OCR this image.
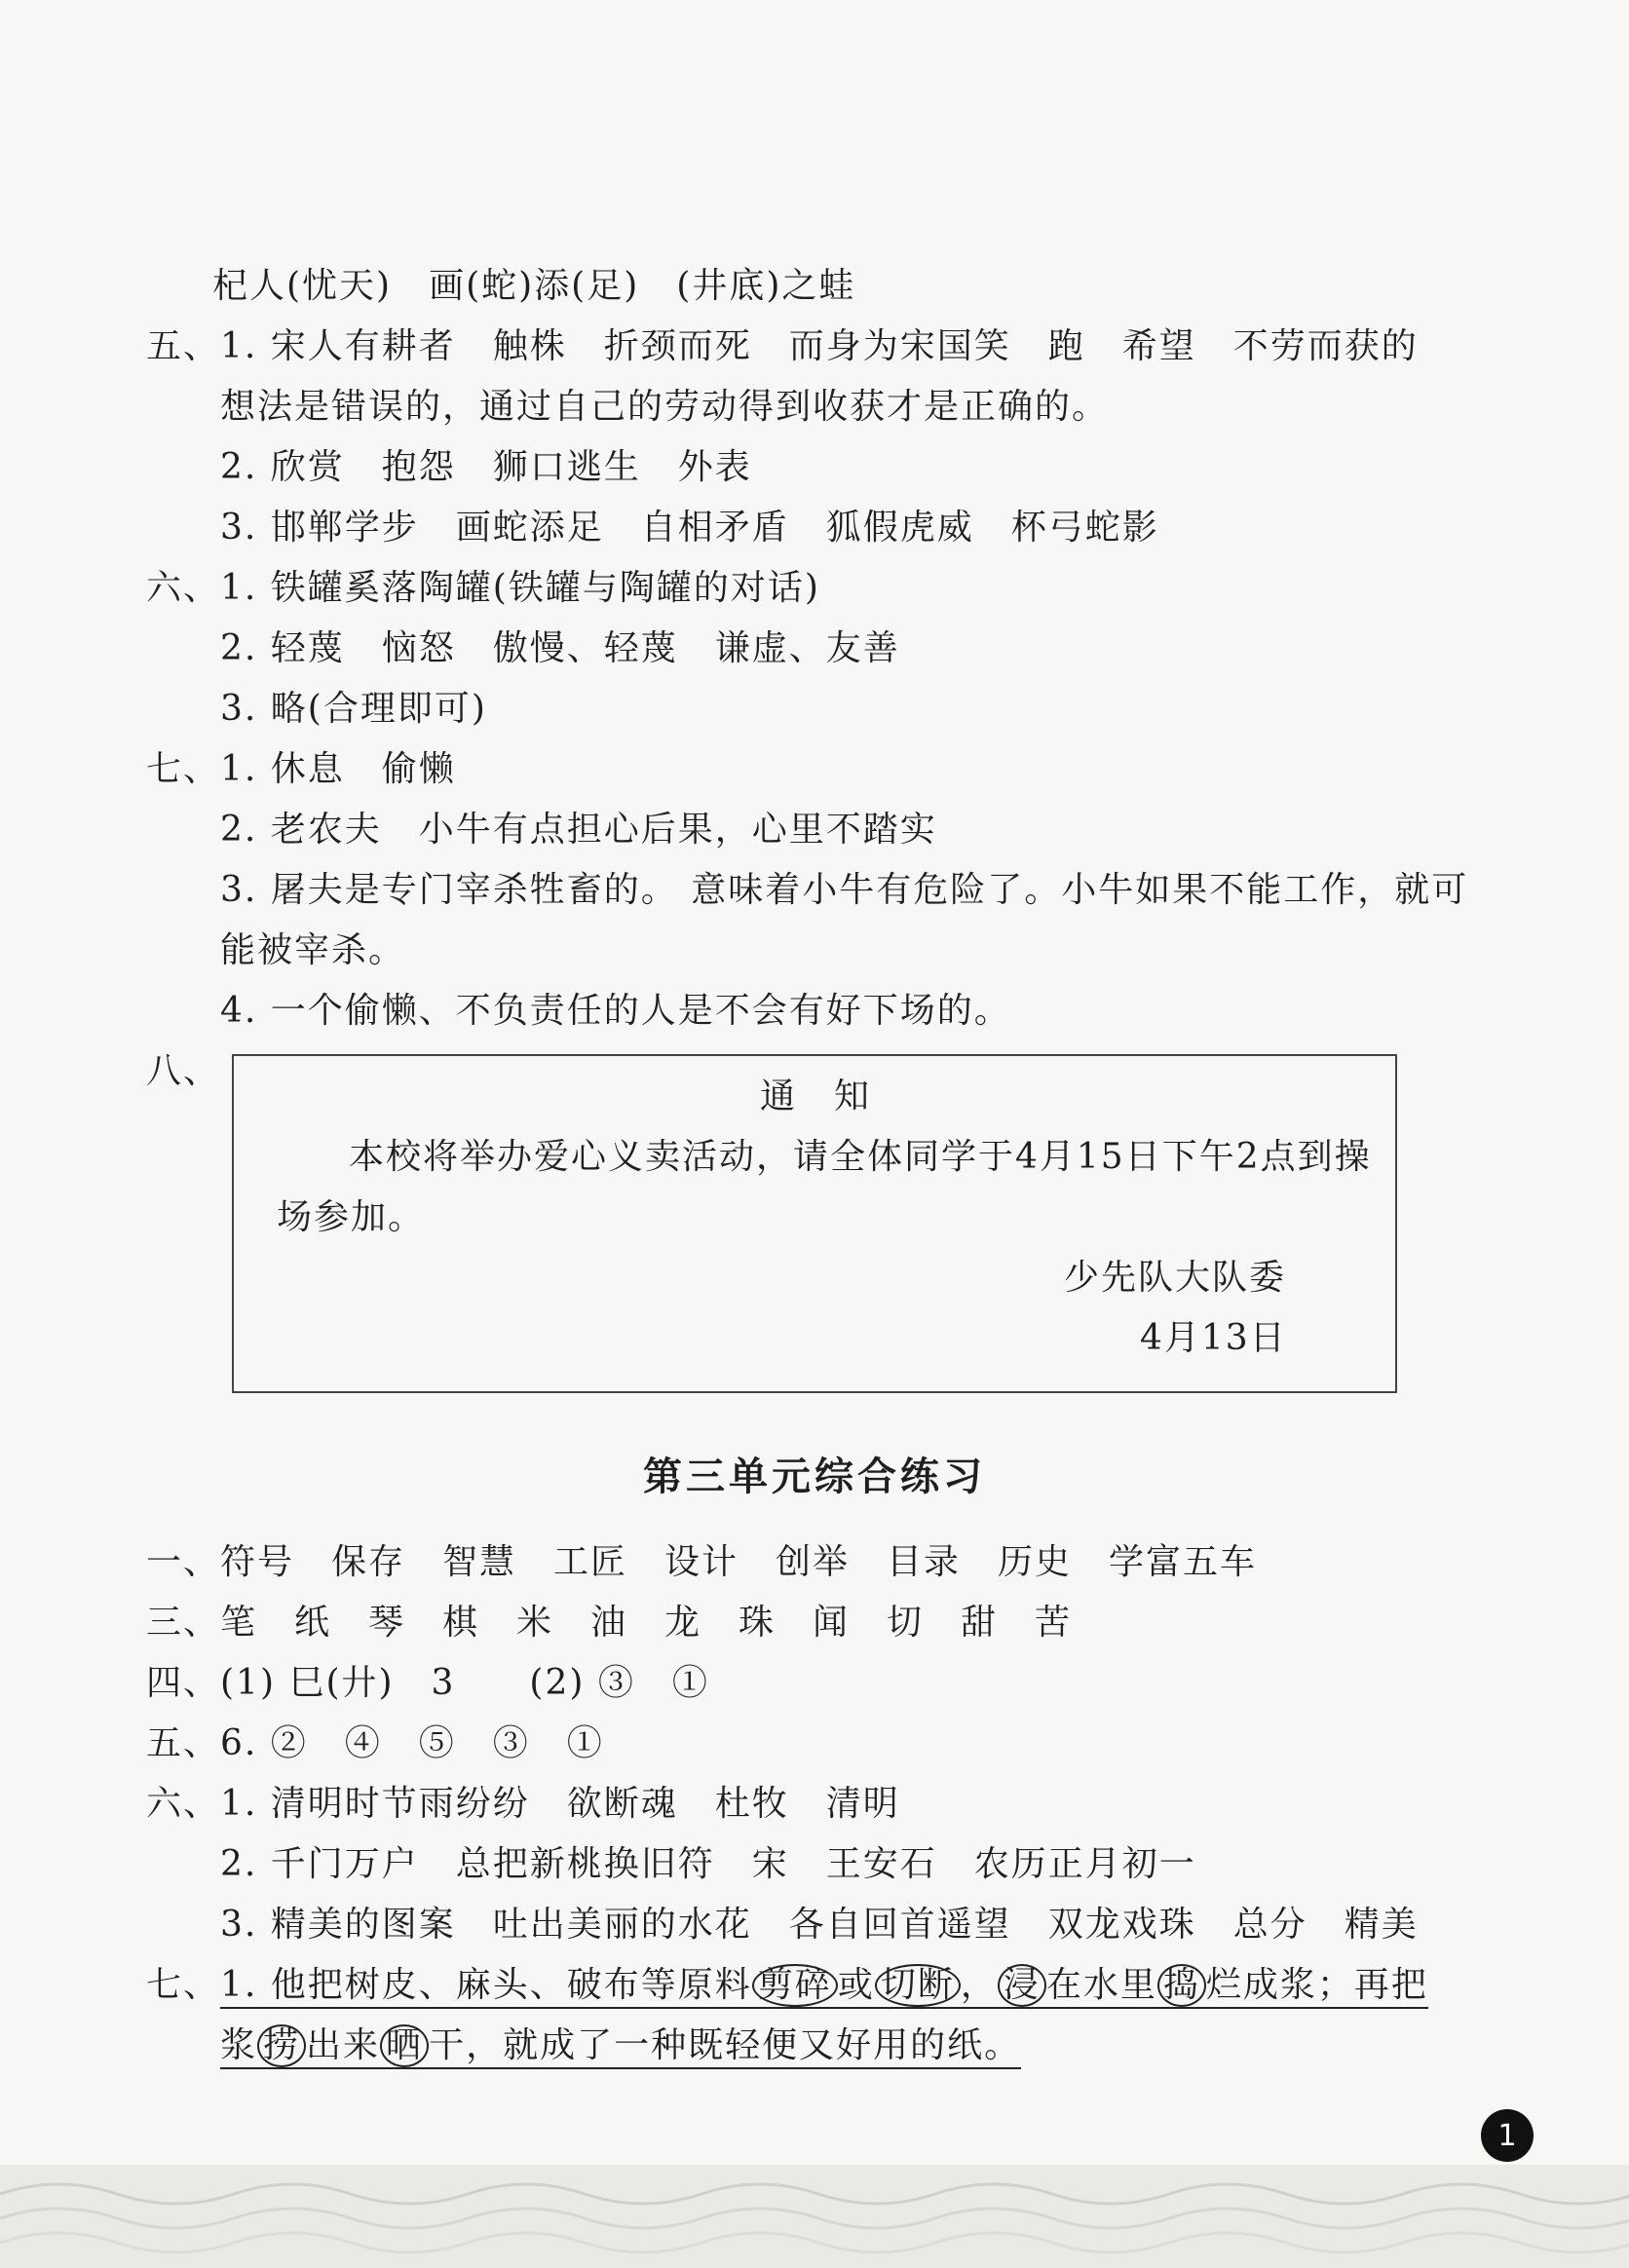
杞人(忧天)　画(蛇)添(足)　(井底)之蛙
五、 1. 宋人有耕者　触株　折颈而死　而身为宋国笑　跑　希望　不劳而获的
想法是错误的，通过自己的劳动得到收获才是正确的。
2. 欣赏　抱怨　狮口逃生　外表
3. 邯郸学步　画蛇添足　自相矛盾　狐假虎威　杯弓蛇影
六、 1. 铁罐奚落陶罐(铁罐与陶罐的对话)
2. 轻蔑　恼怒　傲慢、轻蔑　谦虚、友善
3. 略(合理即可)
七、 1. 休息　偷懒
2. 老农夫　小牛有点担心后果，心里不踏实
3. 屠夫是专门宰杀牲畜的。 意味着小牛有危险了。小牛如果不能工作，就可
能被宰杀。
4. 一个偷懒、不负责任的人是不会有好下场的。
八、
通　知
本校将举办爱心义卖活动，请全体同学于4月15日下午2点到操
场参加。
少先队大队委
4月13日
第三单元综合练习
一、符号　保存　智慧　工匠　设计　创举　目录　历史　学富五车
三、笔　纸　琴　棋　米　油　龙　珠　闻　切　甜　苦
四、(1) 巳(廾)　3　　(2) ③　①
五、6. ②　④　⑤　③　①
六、 1. 清明时节雨纷纷　欲断魂　杜牧　清明
2. 千门万户　总把新桃换旧符　宋　王安石　农历正月初一
3. 精美的图案　吐出美丽的水花　各自回首遥望　双龙戏珠　总分　精美
七、 1. 他把树皮、麻头、破布等原料 剪碎 或 切断 ， 浸 在水里 捣 烂成浆；再把
浆 捞 出来 晒 干，就成了一种既轻便又好用的纸。
1
